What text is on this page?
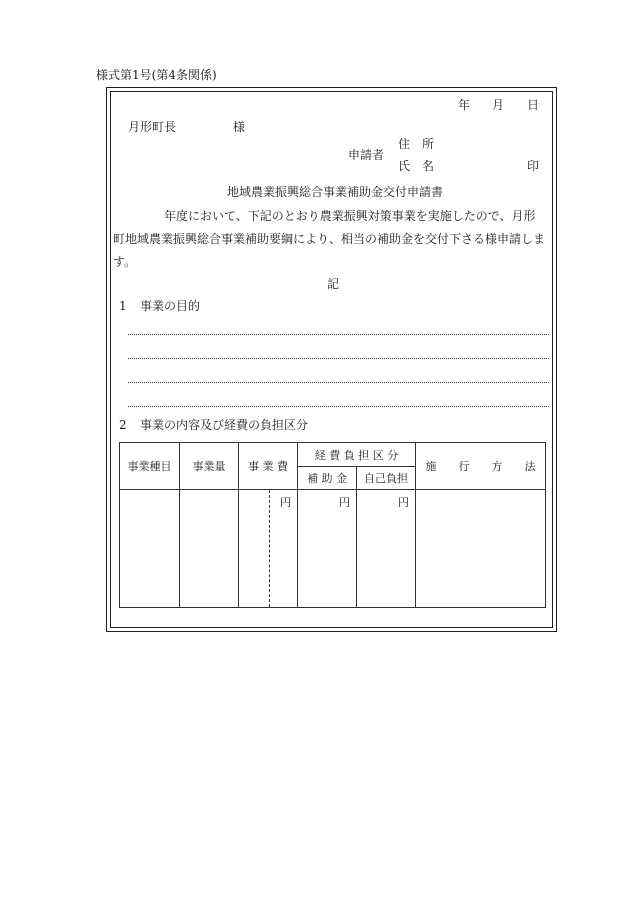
様式第1号(第4条関係)
年 月 日
月形町長	様
住　所
申請者
氏　名	印
地域農業振興総合事業補助金交付申請書
　　年度において、下記のとおり農業振興対策事業を実施したので、月形
町地域農業振興総合事業補助要綱により、相当の補助金を交付下さる様申請しま
す。
記
1 事業の目的
2 事業の内容及び経費の負担区分
事業種目	事業量	事 業 費	経 費 負 担 区 分		施　　行　　方　　法
			補 助 金	自己負担	

		円	円	円	
